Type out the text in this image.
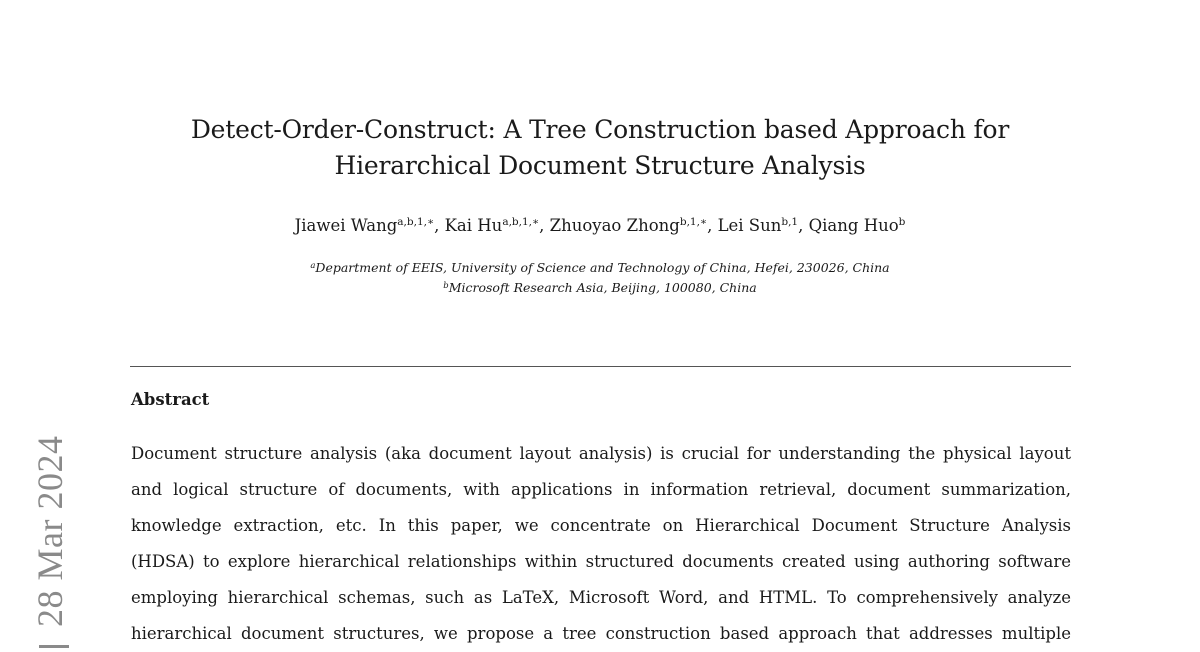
28 Mar 2024
Detect-Order-Construct: A Tree Construction based Approach for
Hierarchical Document Structure Analysis
Jiawei Wang$^{a,b,1,∗}$, Kai $Hu^{a,b,1,∗}$, Zhuoyao Zhong$^{b,1,∗}$, Lei Sun$^{b,1}$, Qiang Huo$^b$
$^a$Department of EEIS, University of Science and Technology of China, Hefei, 230026, China
$^b$Microsoft Research Asia, Beijing, 100080, China
Abstract
Document structure analysis (aka document layout analysis) is crucial for understanding the physical layout
and logical structure of documents, with applications in information retrieval, document summarization,
knowledge extraction, etc. In this paper, we concentrate on Hierarchical Document Structure Analysis
(HDSA) to explore hierarchical relationships within structured documents created using authoring software
employing hierarchical schemas, such as LaTeX, Microsoft Word, and HTML. To comprehensively analyze
hierarchical document structures, we propose a tree construction based approach that addresses multiple
